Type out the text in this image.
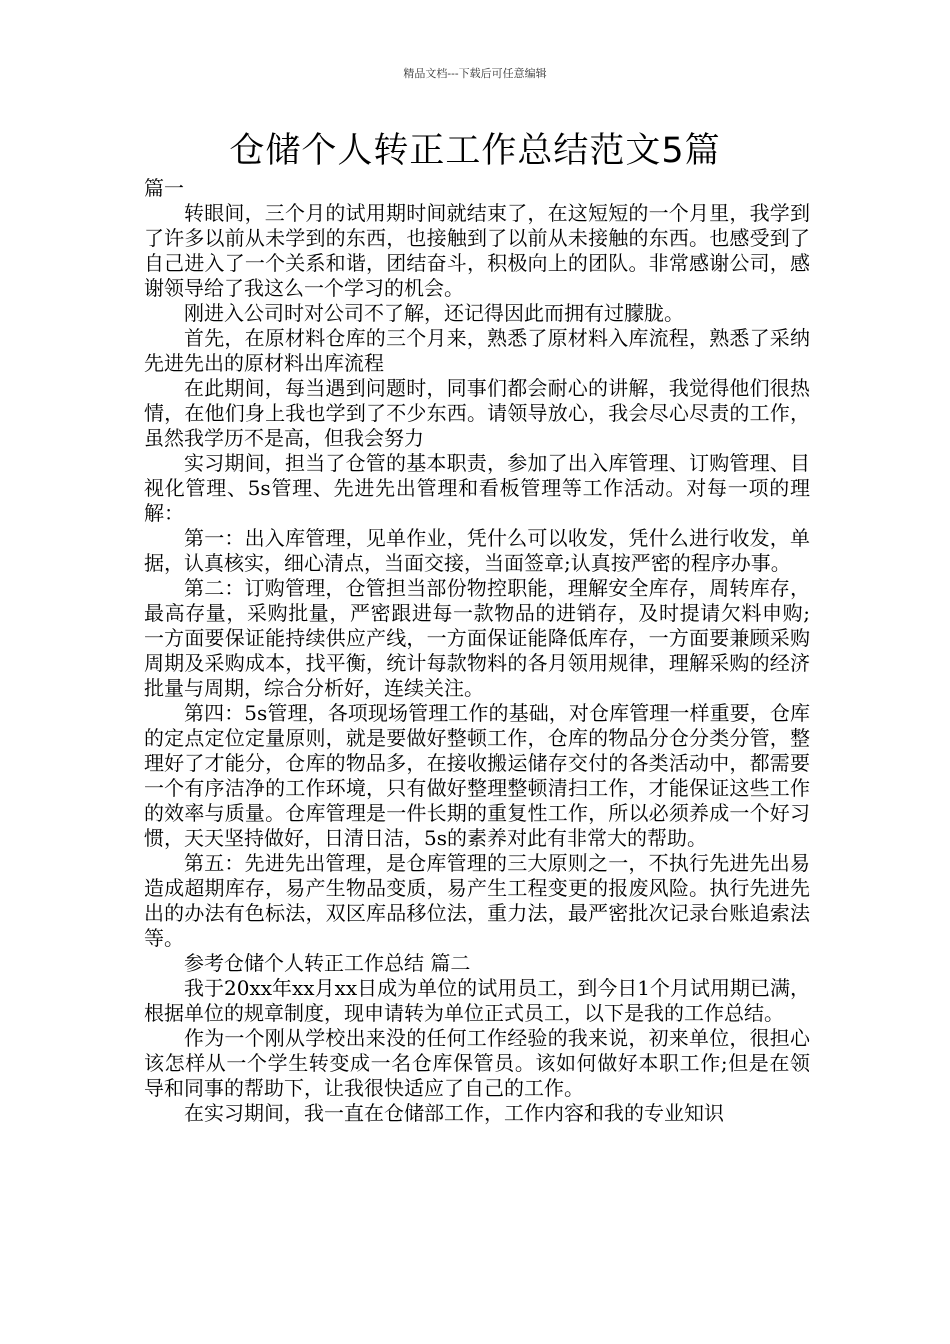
精品文档---下载后可任意编辑
仓储个人转正工作总结范文5篇

篇一

转眼间，三个月的试用期时间就结束了，在这短短的一个月里，我学到了许多以前从未学到的东西，也接触到了以前从未接触的东西。也感受到了自己进入了一个关系和谐，团结奋斗，积极向上的团队。非常感谢公司，感谢领导给了我这么一个学习的机会。

刚进入公司时对公司不了解，还记得因此而拥有过朦胧。

首先，在原材料仓库的三个月来，熟悉了原材料入库流程，熟悉了采纳先进先出的原材料出库流程

在此期间，每当遇到问题时，同事们都会耐心的讲解，我觉得他们很热情，在他们身上我也学到了不少东西。请领导放心，我会尽心尽责的工作，虽然我学历不是高，但我会努力

实习期间，担当了仓管的基本职责，参加了出入库管理、订购管理、目视化管理、5s管理、先进先出管理和看板管理等工作活动。对每一项的理解：

第一：出入库管理，见单作业，凭什么可以收发，凭什么进行收发，单据，认真核实，细心清点，当面交接，当面签章;认真按严密的程序办事。

第二：订购管理，仓管担当部份物控职能，理解安全库存，周转库存，最高存量，采购批量，严密跟进每一款物品的进销存，及时提请欠料申购;一方面要保证能持续供应产线，一方面保证能降低库存，一方面要兼顾采购周期及采购成本，找平衡，统计每款物料的各月领用规律，理解采购的经济批量与周期，综合分析好，连续关注。

第四：5s管理，各项现场管理工作的基础，对仓库管理一样重要，仓库的定点定位定量原则，就是要做好整顿工作，仓库的物品分仓分类分管，整理好了才能分，仓库的物品多，在接收搬运储存交付的各类活动中，都需要一个有序洁净的工作环境，只有做好整理整顿清扫工作，才能保证这些工作的效率与质量。仓库管理是一件长期的重复性工作，所以必须养成一个好习惯，天天坚持做好，日清日洁，5s的素养对此有非常大的帮助。

第五：先进先出管理，是仓库管理的三大原则之一，不执行先进先出易造成超期库存，易产生物品变质，易产生工程变更的报废风险。执行先进先出的办法有色标法，双区库品移位法，重力法，最严密批次记录台账追索法等。

参考仓储个人转正工作总结 篇二

我于20xx年xx月xx日成为单位的试用员工，到今日1个月试用期已满，根据单位的规章制度，现申请转为单位正式员工，以下是我的工作总结。

作为一个刚从学校出来没的任何工作经验的我来说，初来单位，很担心该怎样从一个学生转变成一名仓库保管员。该如何做好本职工作;但是在领导和同事的帮助下，让我很快适应了自己的工作。

在实习期间，我一直在仓储部工作，工作内容和我的专业知识
